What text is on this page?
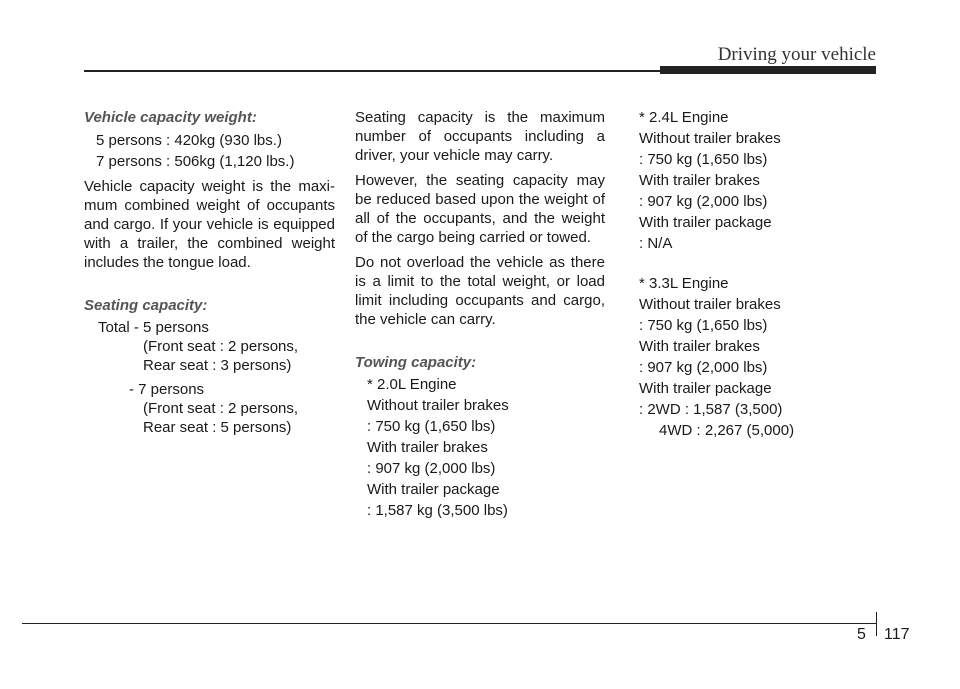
Driving your vehicle
Vehicle capacity weight:
5 persons : 420kg (930 lbs.)
7 persons : 506kg (1,120 lbs.)

Vehicle capacity weight is the maxi-mum combined weight of occupants and cargo. If your vehicle is equipped with a trailer, the combined weight includes the tongue load.

Seating capacity:
Total - 5 persons
(Front seat : 2 persons,
Rear seat : 3 persons)
- 7 persons
(Front seat : 2 persons,
Rear seat : 5 persons)

Seating capacity is the maximum number of occupants including a driver, your vehicle may carry.

However, the seating capacity may be reduced based upon the weight of all of the occupants, and the weight of the cargo being carried or towed.

Do not overload the vehicle as there is a limit to the total weight, or load limit including occupants and cargo, the vehicle can carry.

Towing capacity:
* 2.0L Engine
Without trailer brakes
: 750 kg (1,650 lbs)
With trailer brakes
: 907 kg (2,000 lbs)
With trailer package
: 1,587 kg (3,500 lbs)
* 2.4L Engine
Without trailer brakes
: 750 kg (1,650 lbs)
With trailer brakes
: 907 kg (2,000 lbs)
With trailer package
: N/A
* 3.3L Engine
Without trailer brakes
: 750 kg (1,650 lbs)
With trailer brakes
: 907 kg (2,000 lbs)
With trailer package
: 2WD : 1,587 (3,500)
4WD : 2,267 (5,000)
5 117
